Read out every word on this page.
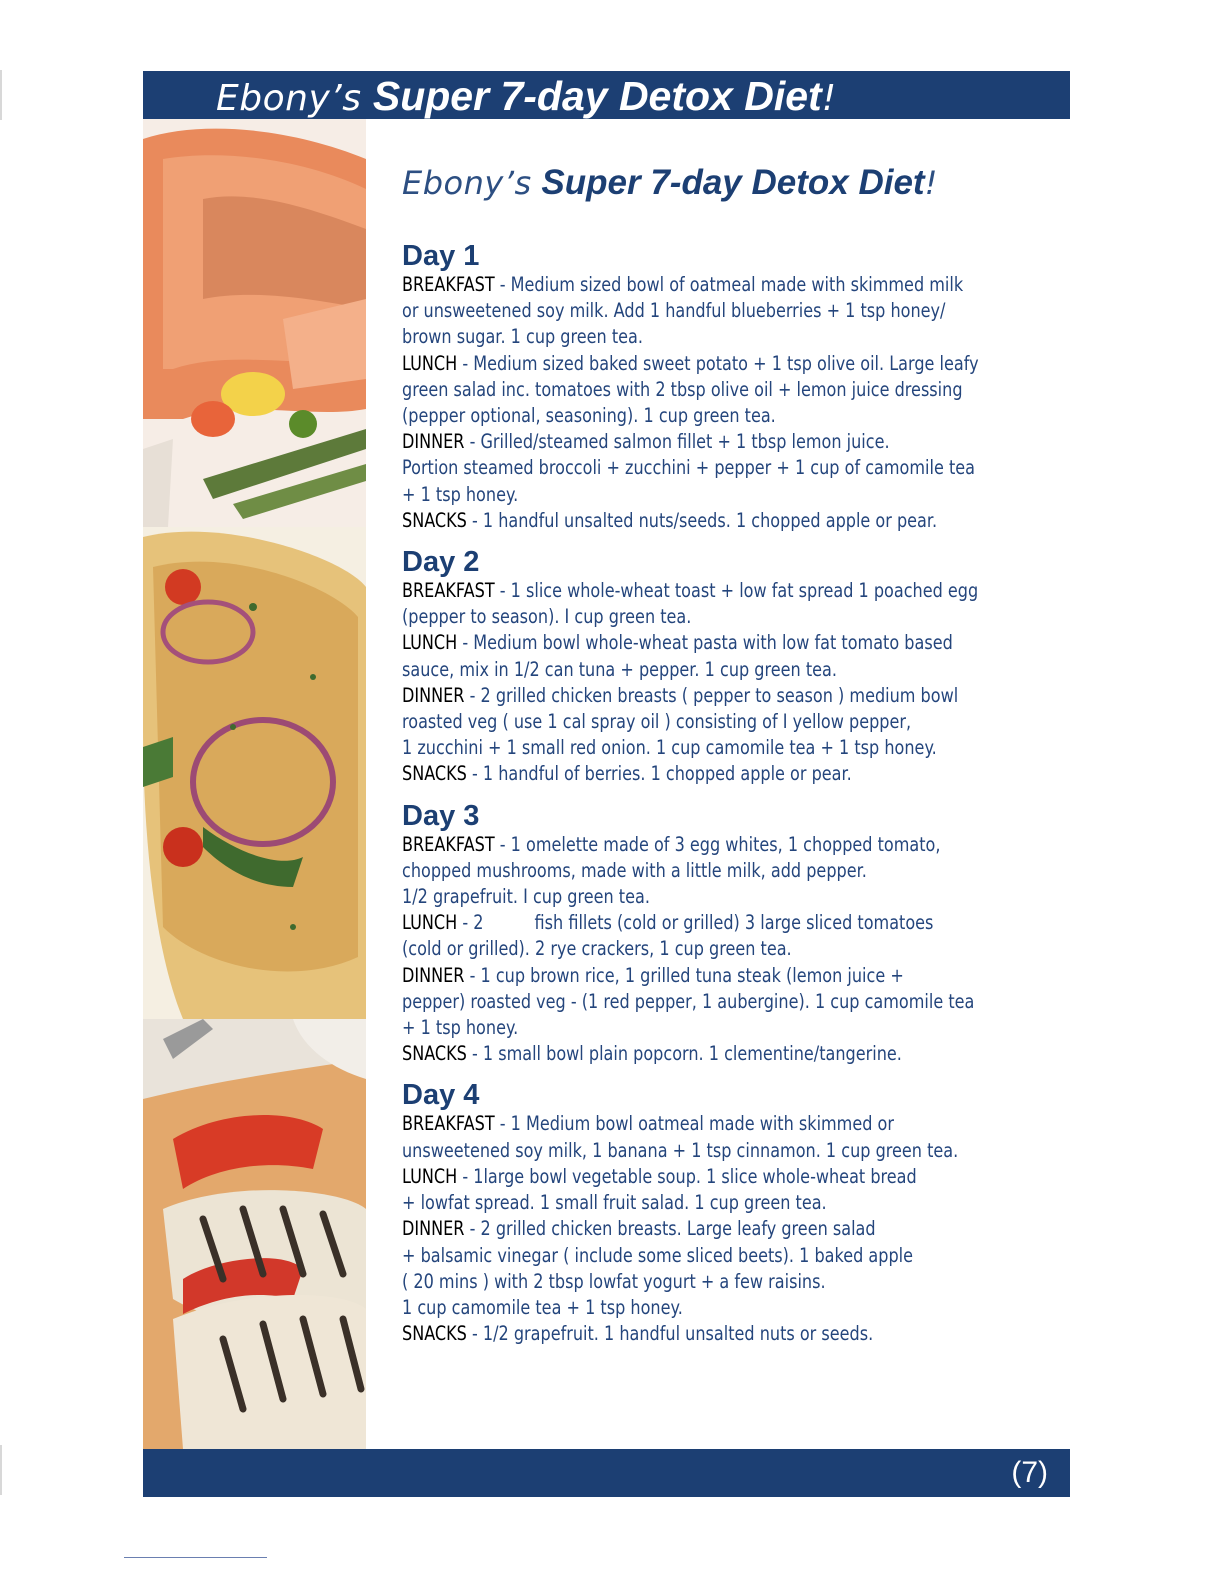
Ebony’s Super 7-day Detox Diet!
Ebony’s Super 7-day Detox Diet!

Day 1

BREAKFAST - Medium sized bowl of oatmeal made with skimmed milk
or unsweetened soy milk. Add 1 handful blueberries + 1 tsp honey/
brown sugar. 1 cup green tea.

LUNCH - Medium sized baked sweet potato + 1 tsp olive oil. Large leafy
green salad inc. tomatoes with 2 tbsp olive oil + lemon juice dressing
(pepper optional, seasoning). 1 cup green tea.

DINNER - Grilled/steamed salmon fillet + 1 tbsp lemon juice.
Portion steamed broccoli + zucchini + pepper + 1 cup of camomile tea
+ 1 tsp honey.

SNACKS - 1 handful unsalted nuts/seeds. 1 chopped apple or pear.

Day 2

BREAKFAST - 1 slice whole-wheat toast + low fat spread 1 poached egg
(pepper to season). I cup green tea.

LUNCH - Medium bowl whole-wheat pasta with low fat tomato based
sauce, mix in 1/2 can tuna + pepper. 1 cup green tea.

DINNER - 2 grilled chicken breasts ( pepper to season ) medium bowl
roasted veg ( use 1 cal spray oil ) consisting of I yellow pepper,
1 zucchini + 1 small red onion. 1 cup camomile tea + 1 tsp honey.

SNACKS - 1 handful of berries. 1 chopped apple or pear.

Day 3

BREAKFAST - 1 omelette made of 3 egg whites, 1 chopped tomato,
chopped mushrooms, made with a little milk, add pepper.
1/2 grapefruit. I cup green tea.

LUNCH - 2          fish fillets (cold or grilled) 3 large sliced tomatoes
(cold or grilled). 2 rye crackers, 1 cup green tea.

DINNER - 1 cup brown rice, 1 grilled tuna steak (lemon juice +
pepper) roasted veg - (1 red pepper, 1 aubergine). 1 cup camomile tea
+ 1 tsp honey.

SNACKS - 1 small bowl plain popcorn. 1 clementine/tangerine.

Day 4

BREAKFAST - 1 Medium bowl oatmeal made with skimmed or
unsweetened soy milk, 1 banana + 1 tsp cinnamon. 1 cup green tea.

LUNCH - 1large bowl vegetable soup. 1 slice whole-wheat bread
+ lowfat spread. 1 small fruit salad. 1 cup green tea.

DINNER - 2 grilled chicken breasts. Large leafy green salad
+ balsamic vinegar ( include some sliced beets). 1 baked apple
( 20 mins ) with 2 tbsp lowfat yogurt + a few raisins.
1 cup camomile tea + 1 tsp honey.

SNACKS - 1/2 grapefruit. 1 handful unsalted nuts or seeds.

(7)
